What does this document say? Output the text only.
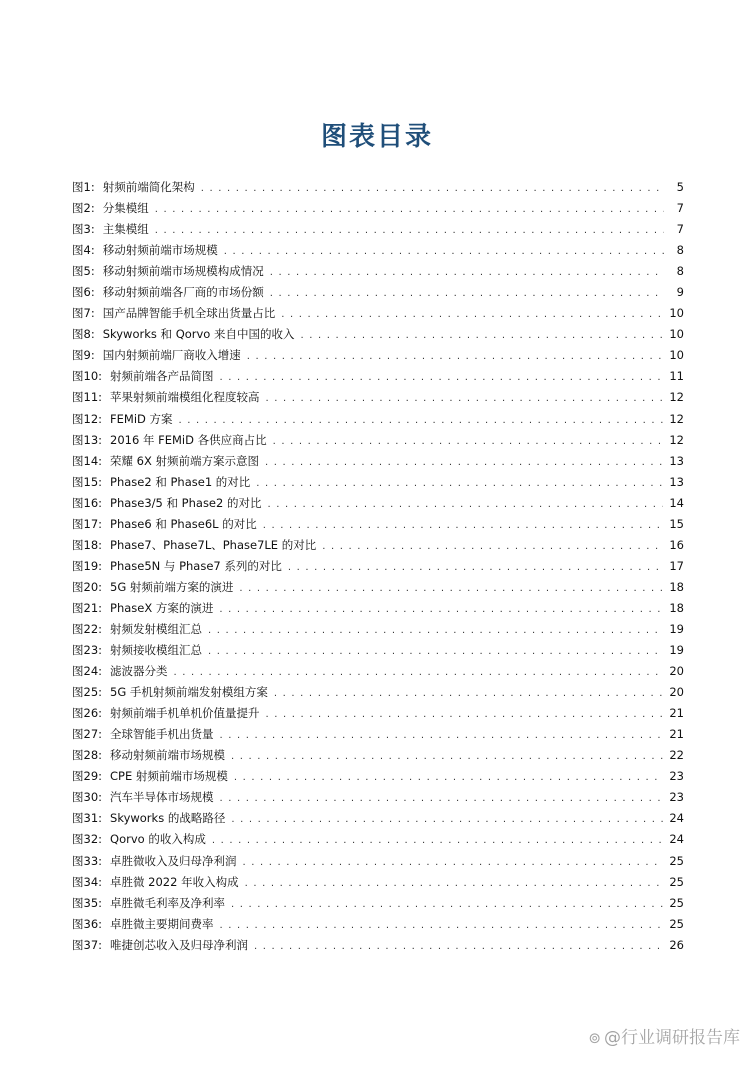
图表目录
图1: 射频前端简化架构 . . .	5
图2: 分集模组 . . .	7
图3: 主集模组 . . .	7
图4: 移动射频前端市场规模 . . .	8
图5: 移动射频前端市场规模构成情况 . . .	8
图6: 移动射频前端各厂商的市场份额 . . .	9
图7: 国产品牌智能手机全球出货量占比 . . .	10
图8: Skyworks 和 Qorvo 来自中国的收入 . . .	10
图9: 国内射频前端厂商收入增速 . . .	10
图10: 射频前端各产品简图 . . .	11
图11: 苹果射频前端模组化程度较高 . . .	12
图12: FEMiD 方案 . . .	12
图13: 2016 年 FEMiD 各供应商占比 . . .	12
图14: 荣耀 6X 射频前端方案示意图 . . .	13
图15: Phase2 和 Phase1 的对比 . . .	13
图16: Phase3/5 和 Phase2 的对比 . . .	14
图17: Phase6 和 Phase6L 的对比 . . .	15
图18: Phase7、Phase7L、Phase7LE 的对比 . . .	16
图19: Phase5N 与 Phase7 系列的对比 . . .	17
图20: 5G 射频前端方案的演进 . . .	18
图21: PhaseX 方案的演进 . . .	18
图22: 射频发射模组汇总 . . .	19
图23: 射频接收模组汇总 . . .	19
图24: 滤波器分类 . . .	20
图25: 5G 手机射频前端发射模组方案 . . .	20
图26: 射频前端手机单机价值量提升 . . .	21
图27: 全球智能手机出货量 . . .	21
图28: 移动射频前端市场规模 . . .	22
图29: CPE 射频前端市场规模 . . .	23
图30: 汽车半导体市场规模 . . .	23
图31: Skyworks 的战略路径 . . .	24
图32: Qorvo 的收入构成 . . .	24
图33: 卓胜微收入及归母净利润 . . .	25
图34: 卓胜微 2022 年收入构成 . . .	25
图35: 卓胜微毛利率及净利率 . . .	25
图36: 卓胜微主要期间费率 . . .	25
图37: 唯捷创芯收入及归母净利润 . . .	26
⊚ @行业调研报告库
